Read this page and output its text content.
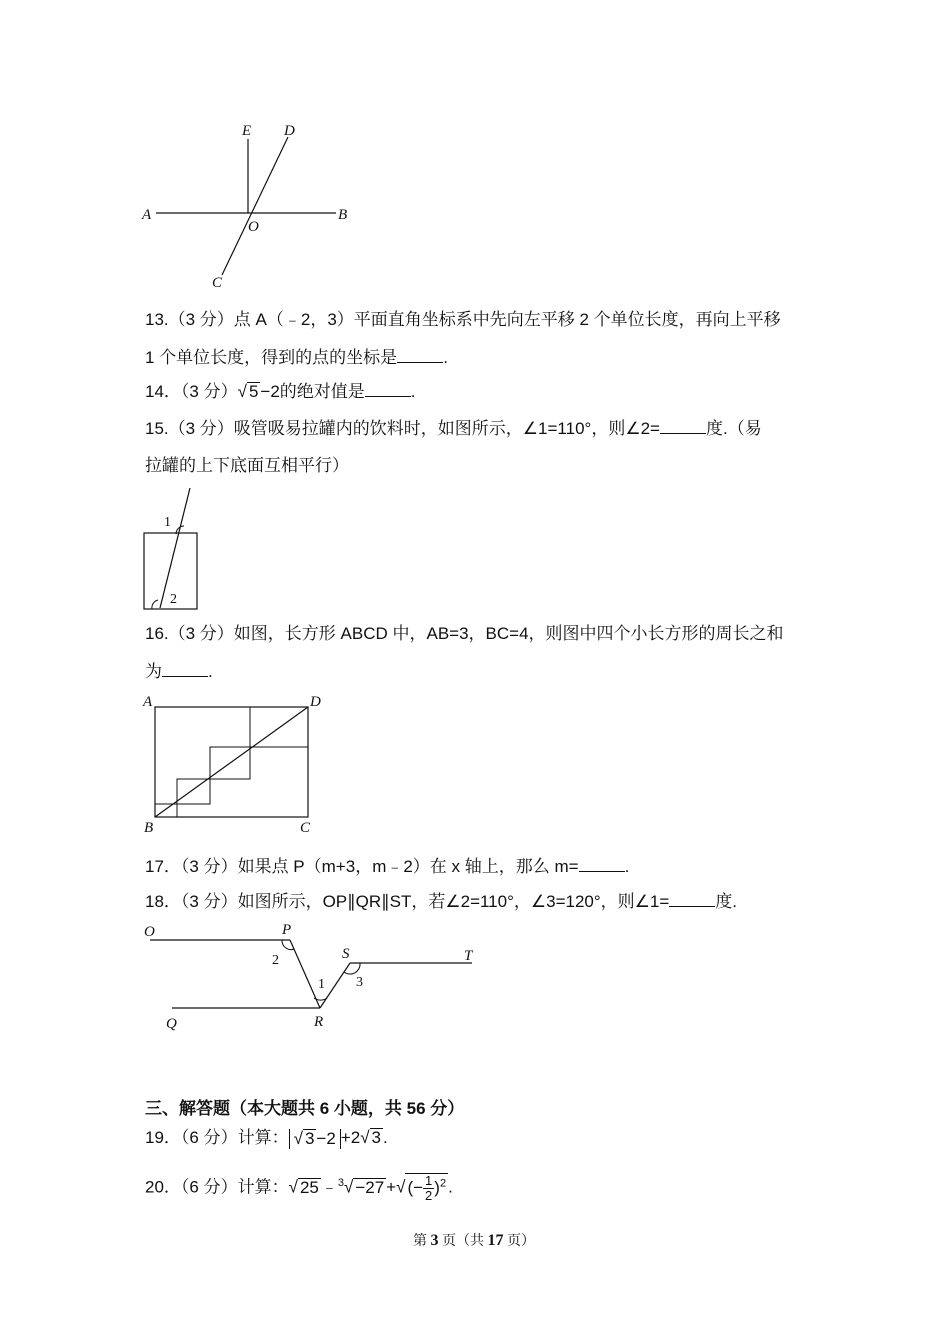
E D
A
O
B
C
13.（3 分）点 A（﹣2，3）平面直角坐标系中先向左平移 2 个单位长度，再向上平移
1 个单位长度，得到的点的坐标是	.
14．（3 分）√ 5 −2的绝对值是	.
15.（3 分）吸管吸易拉罐内的饮料时，如图所示，∠1=110°，则∠2=	度.（易
拉罐的上下底面互相平行）
1
2
16.（3 分）如图，长方形 ABCD 中，AB=3，BC=4，则图中四个小长方形的周长之和
为	.
A	D
B	C
17．（3 分）如果点 P（m+3，m﹣2）在 x 轴上，那么 m=	.
18．（3 分）如图所示，OP∥QR∥ST，若∠2=110°，∠3=120°，则∠1=	度.
O	P
S	T
Q	R
1
2
3
三、解答题（本大题共 6 小题，共 56 分）
19．（6 分）计算： √ 3 −2 +2√ 3 .
20．（6 分）计算：√ 25 ﹣$^3$√ −27 +√ (− $\frac{1}{2} )^2$ .
第 3 页（共 17 页）
